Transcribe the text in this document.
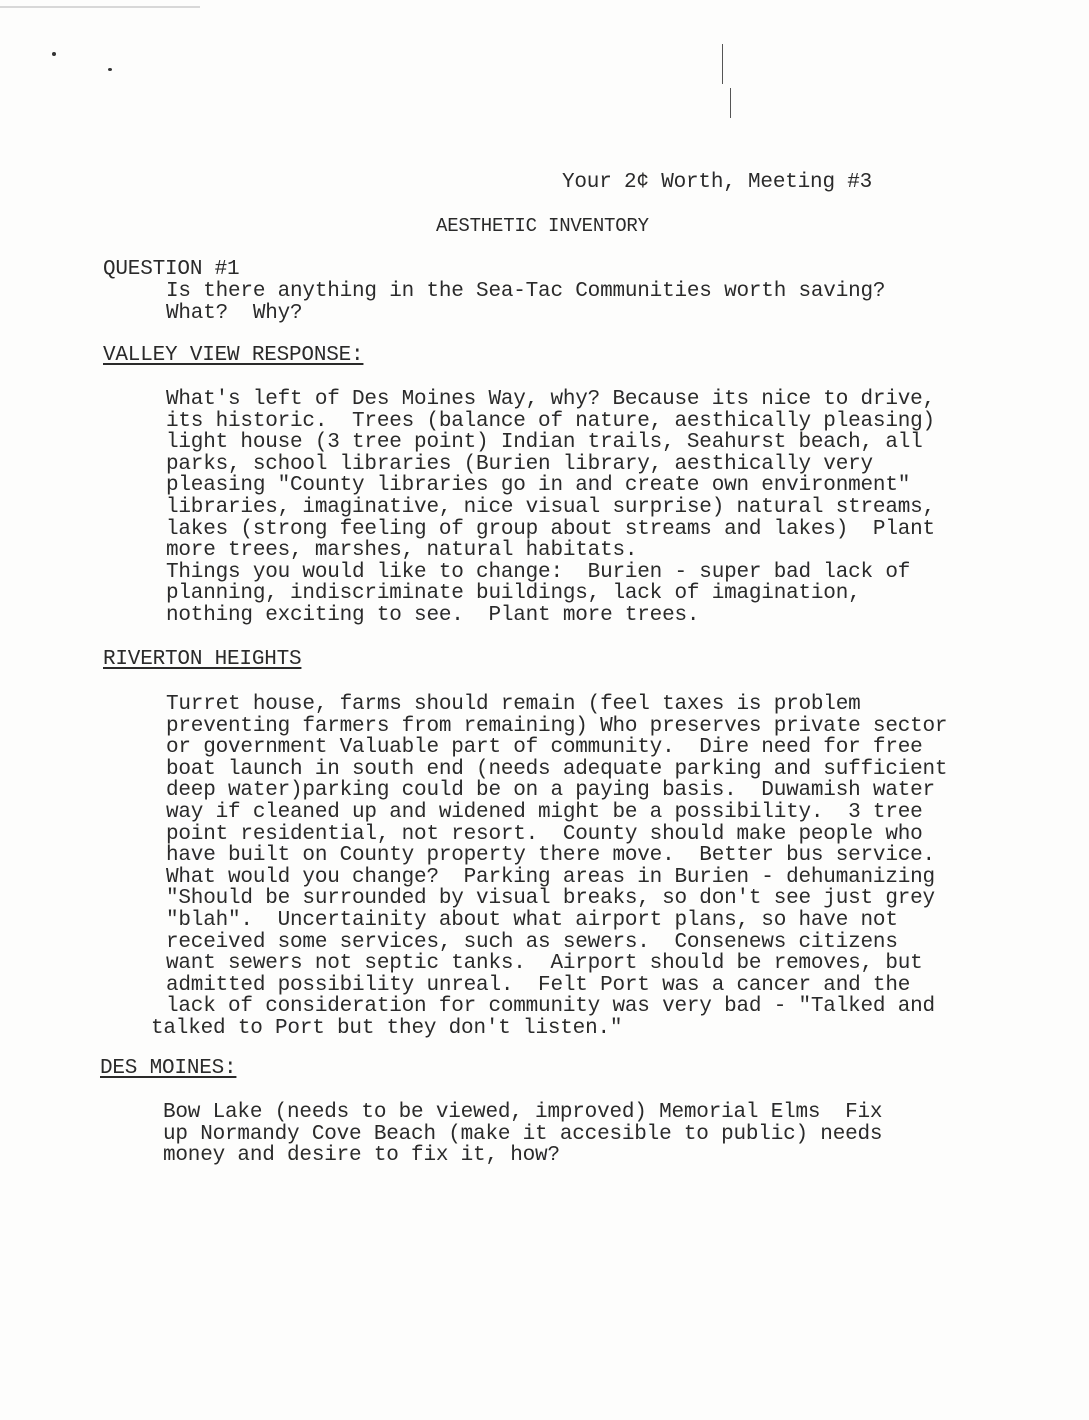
Your 2¢ Worth, Meeting #3
AESTHETIC INVENTORY
QUESTION #1
Is there anything in the Sea-Tac Communities worth saving?
What?  Why?
VALLEY VIEW RESPONSE:
What's left of Des Moines Way, why? Because its nice to drive,
its historic.  Trees (balance of nature, aesthically pleasing)
light house (3 tree point) Indian trails, Seahurst beach, all
parks, school libraries (Burien library, aesthically very
pleasing "County libraries go in and create own environment"
libraries, imaginative, nice visual surprise) natural streams,
lakes (strong feeling of group about streams and lakes)  Plant
more trees, marshes, natural habitats.
Things you would like to change:  Burien - super bad lack of
planning, indiscriminate buildings, lack of imagination,
nothing exciting to see.  Plant more trees.
RIVERTON HEIGHTS
Turret house, farms should remain (feel taxes is problem
preventing farmers from remaining) Who preserves private sector
or government Valuable part of community.  Dire need for free
boat launch in south end (needs adequate parking and sufficient
deep water)parking could be on a paying basis.  Duwamish water
way if cleaned up and widened might be a possibility.  3 tree
point residential, not resort.  County should make people who
have built on County property there move.  Better bus service.
What would you change?  Parking areas in Burien - dehumanizing
"Should be surrounded by visual breaks, so don't see just grey
"blah".  Uncertainity about what airport plans, so have not
received some services, such as sewers.  Consenews citizens
want sewers not septic tanks.  Airport should be removes, but
admitted possibility unreal.  Felt Port was a cancer and the
lack of consideration for community was very bad - "Talked and
talked to Port but they don't listen."
DES MOINES:
Bow Lake (needs to be viewed, improved) Memorial Elms  Fix
up Normandy Cove Beach (make it accesible to public) needs
money and desire to fix it, how?
